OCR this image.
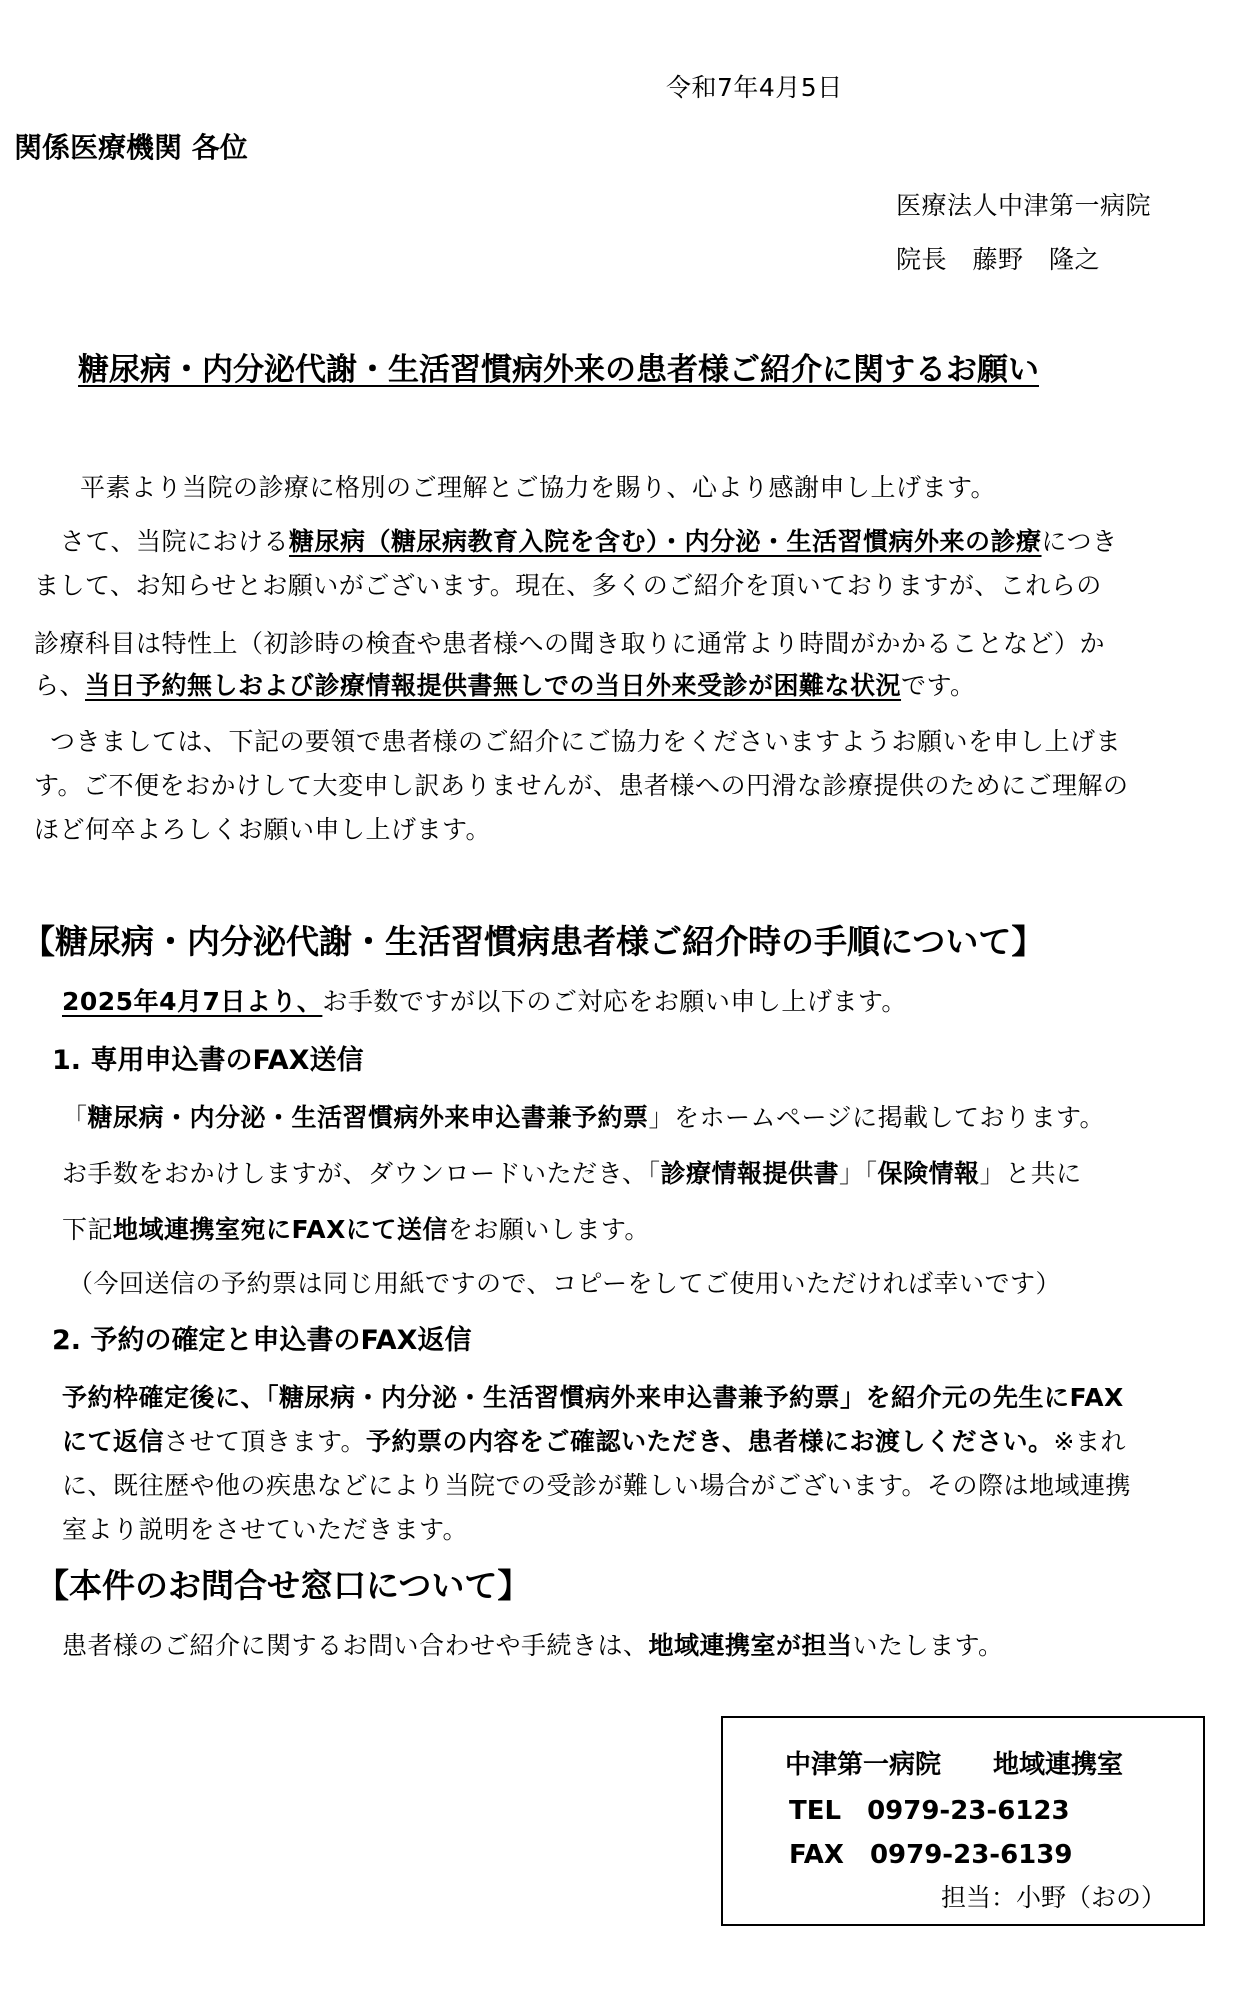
令和7年4月5日
関係医療機関 各位
医療法人中津第一病院
院長　藤野　隆之
糖尿病・内分泌代謝・生活習慣病外来の患者様ご紹介に関するお願い
平素より当院の診療に格別のご理解とご協力を賜り、心より感謝申し上げます。
さて、当院における糖尿病（糖尿病教育入院を含む）・内分泌・生活習慣病外来の診療につき
まして、お知らせとお願いがございます。現在、多くのご紹介を頂いておりますが、これらの
診療科目は特性上（初診時の検査や患者様への聞き取りに通常より時間がかかることなど）か
ら、当日予約無しおよび診療情報提供書無しでの当日外来受診が困難な状況です。
つきましては、下記の要領で患者様のご紹介にご協力をくださいますようお願いを申し上げま
す。ご不便をおかけして大変申し訳ありませんが、患者様への円滑な診療提供のためにご理解の
ほど何卒よろしくお願い申し上げます。
【糖尿病・内分泌代謝・生活習慣病患者様ご紹介時の手順について】
2025年4月7日より、お手数ですが以下のご対応をお願い申し上げます。
1. 専用申込書のFAX送信
「糖尿病・内分泌・生活習慣病外来申込書兼予約票」をホームページに掲載しております。
お手数をおかけしますが、ダウンロードいただき、「診療情報提供書」「保険情報」と共に
下記地域連携室宛にFAXにて送信をお願いします。
（今回送信の予約票は同じ用紙ですので、コピーをしてご使用いただければ幸いです）
2. 予約の確定と申込書のFAX返信
予約枠確定後に、「糖尿病・内分泌・生活習慣病外来申込書兼予約票」を紹介元の先生にFAX
にて返信させて頂きます。予約票の内容をご確認いただき、患者様にお渡しください。※まれ
に、既往歴や他の疾患などにより当院での受診が難しい場合がございます。その際は地域連携
室より説明をさせていただきます。
【本件のお問合せ窓口について】
患者様のご紹介に関するお問い合わせや手続きは、地域連携室が担当いたします。
中津第一病院　　地域連携室
TEL　0979-23-6123
FAX　0979-23-6139
担当：小野（おの）
